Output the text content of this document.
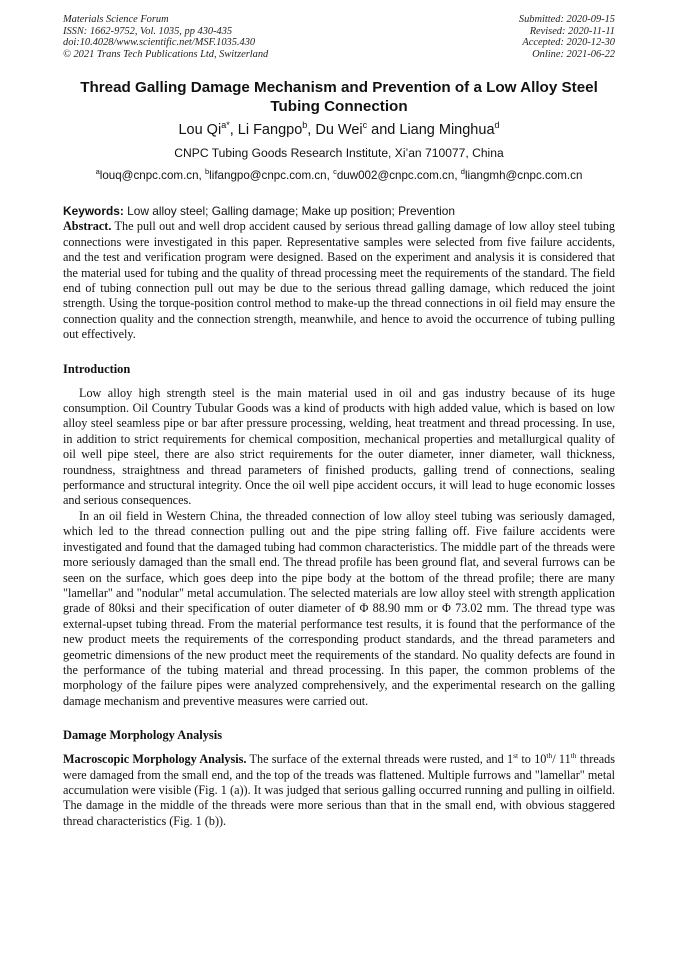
Materials Science Forum

ISSN: 1662-9752, Vol. 1035, pp 430-435

doi:10.4028/www.scientific.net/MSF.1035.430

© 2021 Trans Tech Publications Ltd, Switzerland

Submitted: 2020-09-15

Revised: 2020-11-11

Accepted: 2020-12-30

Online: 2021-06-22

Thread Galling Damage Mechanism and Prevention of a Low Alloy Steel Tubing Connection
Lou $Qi^{a*}$, Li Fangpo$^b$, Du Wei$^c$ and Liang Minghua$^d$
CNPC Tubing Goods Research Institute, Xi’an 710077, China
$^a$louq@cnpc.com.cn, $^b$lifangpo@cnpc.com.cn, $^c$duw002@cnpc.com.cn, $^d$liangmh@cnpc.com.cn
Keywords: Low alloy steel; Galling damage; Make up position; Prevention

Abstract. The pull out and well drop accident caused by serious thread galling damage of low alloy steel tubing connections were investigated in this paper. Representative samples were selected from five failure accidents, and the test and verification program were designed. Based on the experiment and analysis it is considered that the material used for tubing and the quality of thread processing meet the requirements of the standard. The field end of tubing connection pull out may be due to the serious thread galling damage, which reduced the joint strength. Using the torque-position control method to make-up the thread connections in oil field may ensure the connection quality and the connection strength, meanwhile, and hence to avoid the occurrence of tubing pulling out effectively.

Introduction

Low alloy high strength steel is the main material used in oil and gas industry because of its huge consumption. Oil Country Tubular Goods was a kind of products with high added value, which is based on low alloy steel seamless pipe or bar after pressure processing, welding, heat treatment and thread processing. In use, in addition to strict requirements for chemical composition, mechanical properties and metallurgical quality of oil well pipe steel, there are also strict requirements for the outer diameter, inner diameter, wall thickness, roundness, straightness and thread parameters of finished products, galling trend of connections, sealing performance and structural integrity. Once the oil well pipe accident occurs, it will lead to huge economic losses and serious consequences.

In an oil field in Western China, the threaded connection of low alloy steel tubing was seriously damaged, which led to the thread connection pulling out and the pipe string falling off. Five failure accidents were investigated and found that the damaged tubing had common characteristics. The middle part of the threads were more seriously damaged than the small end. The thread profile has been ground flat, and several furrows can be seen on the surface, which goes deep into the pipe body at the bottom of the thread profile; there are many "lamellar" and "nodular" metal accumulation. The selected materials are low alloy steel with strength application grade of 80ksi and their specification of outer diameter of Φ 88.90 mm or Φ 73.02 mm. The thread type was external-upset tubing thread. From the material performance test results, it is found that the performance of the new product meets the requirements of the corresponding product standards, and the thread parameters and geometric dimensions of the new product meet the requirements of the standard. No quality defects are found in the performance of the tubing material and thread processing. In this paper, the common problems of the morphology of the failure pipes were analyzed comprehensively, and the experimental research on the galling damage mechanism and preventive measures were carried out.

Damage Morphology Analysis

Macroscopic Morphology Analysis. The surface of the external threads were rusted, and 1st to 10th/ 11th threads were damaged from the small end, and the top of the treads was flattened. Multiple furrows and "lamellar" metal accumulation were visible (Fig. 1 (a)). It was judged that serious galling occurred running and pulling in oilfield. The damage in the middle of the threads were more serious than that in the small end, with obvious staggered thread characteristics (Fig. 1 (b)).
